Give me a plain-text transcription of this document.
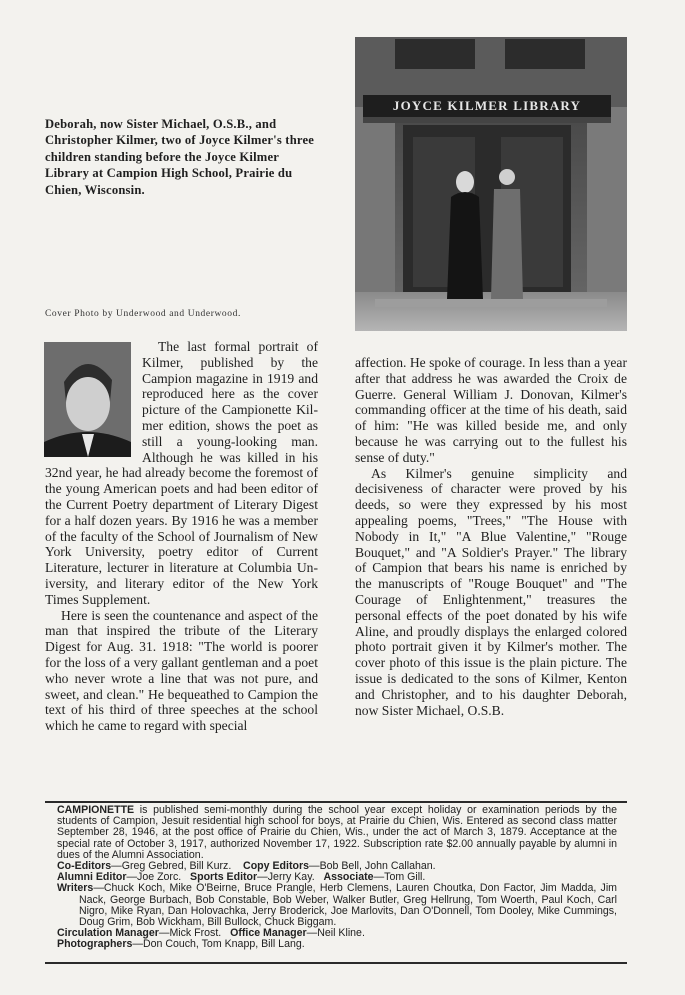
Deborah, now Sister Michael, O.S.B., and Christopher Kilmer, two of Joyce Kilmer's three children standing before the Joyce Kilmer Library at Campion High School, Prairie du Chien, Wisconsin.
JOYCE KILMER LIBRARY
Cover Photo by Underwood and Underwood.

The last formal portrait of Kilmer, published by the Campion magazine in 1919 and reproduced here as the cover picture of the Campionette Kilmer edition, shows the poet as still a young-looking man. Although he was killed in his 32nd year, he had already become the foremost of the young American poets and had been editor of the Current Poetry department of Literary Digest for a half dozen years. By 1916 he was a member of the faculty of the School of Journalism of New York University, poetry editor of Current Literature, lecturer in literature at Columbia University, and literary editor of the New York Times Supplement.

Here is seen the countenance and aspect of the man that inspired the tribute of the Literary Digest for Aug. 31. 1918: "The world is poorer for the loss of a very gallant gentleman and a poet who never wrote a line that was not pure, and sweet, and clean." He bequeathed to Campion the text of his third of three speeches at the school which he came to regard with special

affection. He spoke of courage. In less than a year after that address he was awarded the Croix de Guerre. General William J. Donovan, Kilmer's commanding officer at the time of his death, said of him: "He was killed beside me, and only because he was carrying out to the fullest his sense of duty."

As Kilmer's genuine simplicity and decisiveness of character were proved by his deeds, so were they expressed by his most appealing poems, "Trees," "The House with Nobody in It," "A Blue Valentine," "Rouge Bouquet," and "A Soldier's Prayer." The library of Campion that bears his name is enriched by the manuscripts of "Rouge Bouquet" and "The Courage of Enlightenment," treasures the personal effects of the poet donated by his wife Aline, and proudly displays the enlarged colored photo portrait given it by Kilmer's mother. The cover photo of this issue is the plain picture. The issue is dedicated to the sons of Kilmer, Kenton and Christopher, and to his daughter Deborah, now Sister Michael, O.S.B.

CAMPIONETTE is published semi-monthly during the school year except holiday or examination periods by the students of Campion, Jesuit residential high school for boys, at Prairie du Chien, Wis. Entered as second class matter September 28, 1946, at the post office of Prairie du Chien, Wis., under the act of March 3, 1879. Acceptance at the special rate of October 3, 1917, authorized November 17, 1922. Subscription rate $2.00 annually payable by alumni in dues of the Alumni Association.

Co-Editors—Greg Gebred, Bill Kurz. Copy Editors—Bob Bell, John Callahan.

Alumni Editor—Joe Zorc. Sports Editor—Jerry Kay. Associate—Tom Gill.

Writers—Chuck Koch, Mike O'Beirne, Bruce Prangle, Herb Clemens, Lauren Choutka, Don Factor, Jim Madda, Jim Nack, George Burbach, Bob Constable, Bob Weber, Walker Butler, Greg Hellrung, Tom Woerth, Paul Koch, Carl Nigro, Mike Ryan, Dan Holovachka, Jerry Broderick, Joe Marlovits, Dan O'Donnell, Tom Dooley, Mike Cummings, Doug Grim, Bob Wickham, Bill Bullock, Chuck Biggam.

Circulation Manager—Mick Frost. Office Manager—Neil Kline.

Photographers—Don Couch, Tom Knapp, Bill Lang.
